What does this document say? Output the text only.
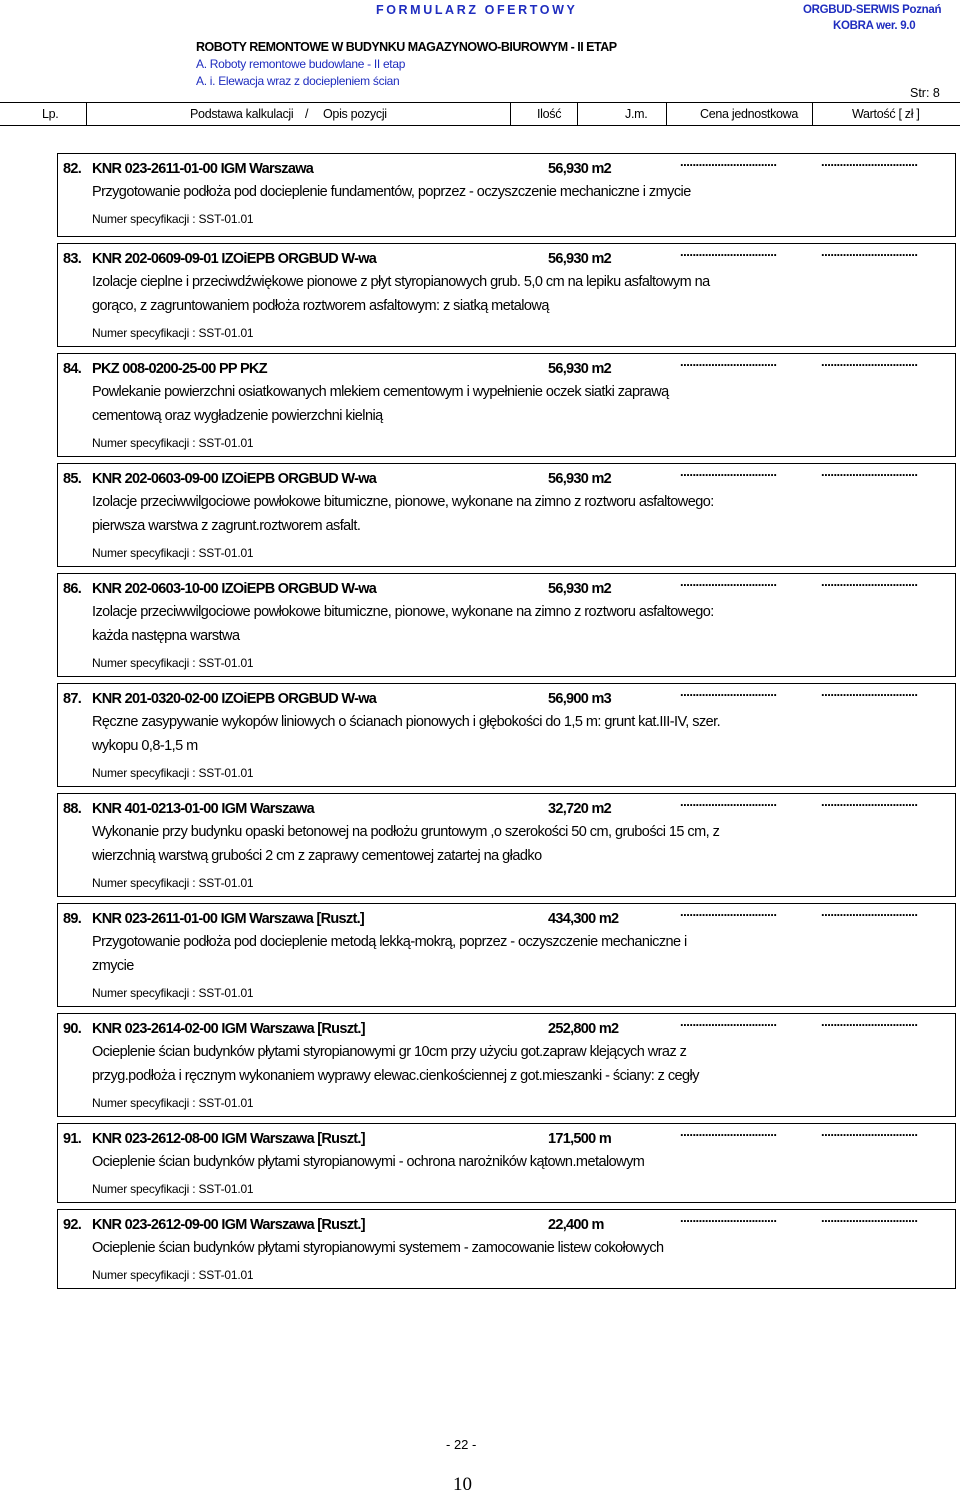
FORMULARZ OFERTOWY	ORGBUD-SERWIS Poznań
KOBRA wer. 9.0
ROBOTY REMONTOWE W BUDYNKU MAGAZYNOWO-BIUROWYM - II ETAP
A. Roboty remontowe budowlane - II etap
A. i. Elewacja wraz z dociepleniem ścian
Str: 8
Lp.	Podstawa kalkulacji / Opis pozycji	Ilość	J.m.	Cena jednostkowa	Wartość [ zł ]
82. KNR 023-2611-01-00 IGM Warszawa	56,930 m2	...............................	...............................
Przygotowanie podłoża pod docieplenie fundamentów, poprzez - oczyszczenie mechaniczne i zmycie
Numer specyfikacji : SST-01.01
83. KNR 202-0609-09-01 IZOiEPB ORGBUD W-wa	56,930 m2	...............................	...............................
Izolacje cieplne i przeciwdźwiękowe pionowe z płyt styropianowych grub. 5,0 cm na lepiku asfaltowym na
gorąco, z zagruntowaniem podłoża roztworem asfaltowym: z siatką metalową
Numer specyfikacji : SST-01.01
84. PKZ 008-0200-25-00 PP PKZ	56,930 m2	...............................	...............................
Powlekanie powierzchni osiatkowanych mlekiem cementowym i wypełnienie oczek siatki zaprawą
cementową oraz wygładzenie powierzchni kielnią
Numer specyfikacji : SST-01.01
85. KNR 202-0603-09-00 IZOiEPB ORGBUD W-wa	56,930 m2	...............................	...............................
Izolacje przeciwwilgociowe powłokowe bitumiczne, pionowe, wykonane na zimno z roztworu asfaltowego:
pierwsza warstwa z zagrunt.roztworem asfalt.
Numer specyfikacji : SST-01.01
86. KNR 202-0603-10-00 IZOiEPB ORGBUD W-wa	56,930 m2	...............................	...............................
Izolacje przeciwwilgociowe powłokowe bitumiczne, pionowe, wykonane na zimno z roztworu asfaltowego:
każda następna warstwa
Numer specyfikacji : SST-01.01
87. KNR 201-0320-02-00 IZOiEPB ORGBUD W-wa	56,900 m3	...............................	...............................
Ręczne zasypywanie wykopów liniowych o ścianach pionowych i głębokości do 1,5 m: grunt kat.III-IV, szer.
wykopu 0,8-1,5 m
Numer specyfikacji : SST-01.01
88. KNR 401-0213-01-00 IGM Warszawa	32,720 m2	...............................	...............................
Wykonanie przy budynku opaski betonowej na podłożu gruntowym ,o szerokości 50 cm, grubości 15 cm, z
wierzchnią warstwą grubości 2 cm z zaprawy cementowej zatartej na gładko
Numer specyfikacji : SST-01.01
89. KNR 023-2611-01-00 IGM Warszawa [Ruszt.]	434,300 m2	...............................	...............................
Przygotowanie podłoża pod docieplenie metodą lekką-mokrą, poprzez - oczyszczenie mechaniczne i
zmycie
Numer specyfikacji : SST-01.01
90. KNR 023-2614-02-00 IGM Warszawa [Ruszt.]	252,800 m2	...............................	...............................
Ocieplenie ścian budynków płytami styropianowymi gr 10cm przy użyciu got.zapraw klejących wraz z
przyg.podłoża i ręcznym wykonaniem wyprawy elewac.cienkościennej z got.mieszanki - ściany: z cegły
Numer specyfikacji : SST-01.01
91. KNR 023-2612-08-00 IGM Warszawa [Ruszt.]	171,500 m	...............................	...............................
Ocieplenie ścian budynków płytami styropianowymi - ochrona narożników kątown.metalowym
Numer specyfikacji : SST-01.01
92. KNR 023-2612-09-00 IGM Warszawa [Ruszt.]	22,400 m	...............................	...............................
Ocieplenie ścian budynków płytami styropianowymi systemem - zamocowanie listew cokołowych
Numer specyfikacji : SST-01.01
- 22 -
10
